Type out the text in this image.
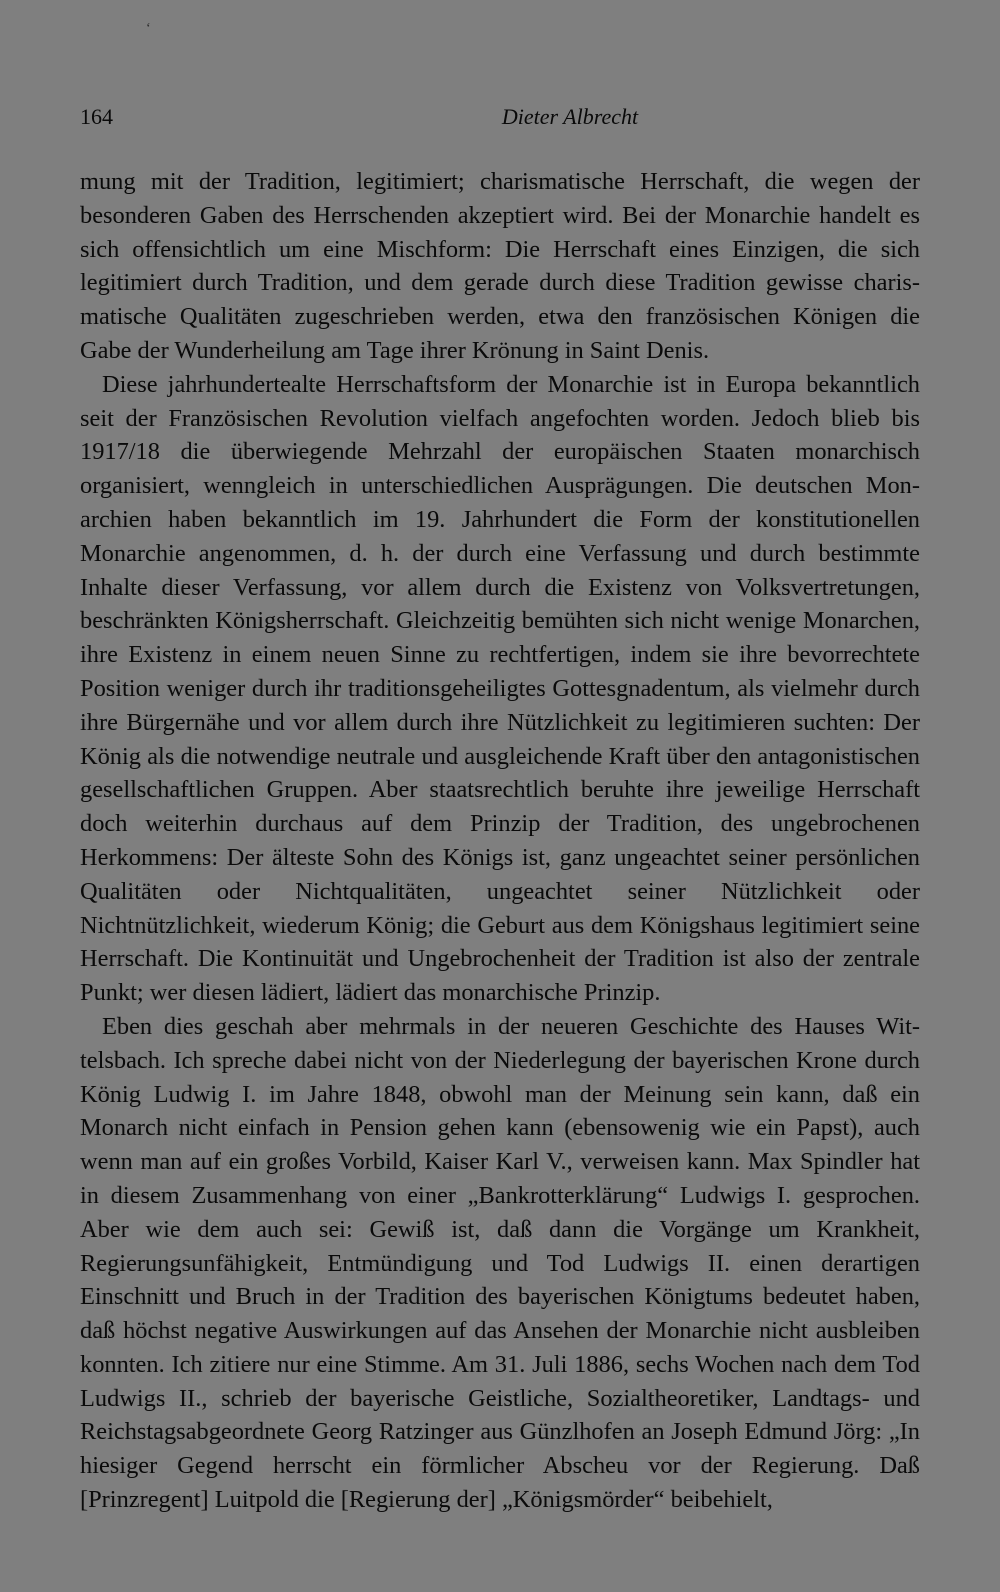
‘
164	Dieter Albrecht

mung mit der Tradition, legitimiert; charismatische Herrschaft, die wegen der besonderen Gaben des Herrschenden akzeptiert wird. Bei der Monarchie handelt es sich offensichtlich um eine Mischform: Die Herrschaft eines Einzigen, die sich legitimiert durch Tradition, und dem gerade durch diese Tradition gewisse charismatische Qualitäten zugeschrieben werden, etwa den französischen Königen die Gabe der Wunderheilung am Tage ihrer Krönung in Saint Denis.

Diese jahrhundertealte Herrschaftsform der Monarchie ist in Europa bekanntlich seit der Französischen Revolution vielfach angefochten worden. Jedoch blieb bis 1917/18 die überwiegende Mehrzahl der europäischen Staaten monarchisch organisiert, wenngleich in unterschiedlichen Ausprägungen. Die deutschen Monarchien haben bekanntlich im 19. Jahrhundert die Form der konstitutionellen Monarchie angenommen, d. h. der durch eine Verfassung und durch bestimmte Inhalte dieser Verfassung, vor allem durch die Existenz von Volksvertretungen, beschränkten Königsherrschaft. Gleichzeitig bemühten sich nicht wenige Monarchen, ihre Existenz in einem neuen Sinne zu rechtfertigen, indem sie ihre bevorrechtete Position weniger durch ihr traditionsgeheiligtes Gottesgnadentum, als vielmehr durch ihre Bürgernähe und vor allem durch ihre Nützlichkeit zu legitimieren suchten: Der König als die notwendige neutrale und ausgleichende Kraft über den antagonistischen gesellschaftlichen Gruppen. Aber staatsrechtlich beruhte ihre jeweilige Herrschaft doch weiterhin durchaus auf dem Prinzip der Tradition, des ungebrochenen Herkommens: Der älteste Sohn des Königs ist, ganz ungeachtet seiner persönlichen Qualitäten oder Nichtqualitäten, ungeachtet seiner Nützlichkeit oder Nichtnützlichkeit, wiederum König; die Geburt aus dem Königshaus legitimiert seine Herrschaft. Die Kontinuität und Ungebrochenheit der Tradition ist also der zentrale Punkt; wer diesen lädiert, lädiert das monarchische Prinzip.

Eben dies geschah aber mehrmals in der neueren Geschichte des Hauses Wittelsbach. Ich spreche dabei nicht von der Niederlegung der bayerischen Krone durch König Ludwig I. im Jahre 1848, obwohl man der Meinung sein kann, daß ein Monarch nicht einfach in Pension gehen kann (ebensowenig wie ein Papst), auch wenn man auf ein großes Vorbild, Kaiser Karl V., verweisen kann. Max Spindler hat in diesem Zusammenhang von einer „Bankrotterklärung“ Ludwigs I. gesprochen. Aber wie dem auch sei: Gewiß ist, daß dann die Vorgänge um Krankheit, Regierungsunfähigkeit, Entmündigung und Tod Ludwigs II. einen derartigen Einschnitt und Bruch in der Tradition des bayerischen Königtums bedeutet haben, daß höchst negative Auswirkungen auf das Ansehen der Monarchie nicht ausbleiben konnten. Ich zitiere nur eine Stimme. Am 31. Juli 1886, sechs Wochen nach dem Tod Ludwigs II., schrieb der bayerische Geistliche, Sozialtheoretiker, Landtags- und Reichstagsabgeordnete Georg Ratzinger aus Günzlhofen an Joseph Edmund Jörg: „In hiesiger Gegend herrscht ein förmlicher Abscheu vor der Regierung. Daß [Prinzregent] Luitpold die [Regierung der] „Königsmörder“ beibehielt,
